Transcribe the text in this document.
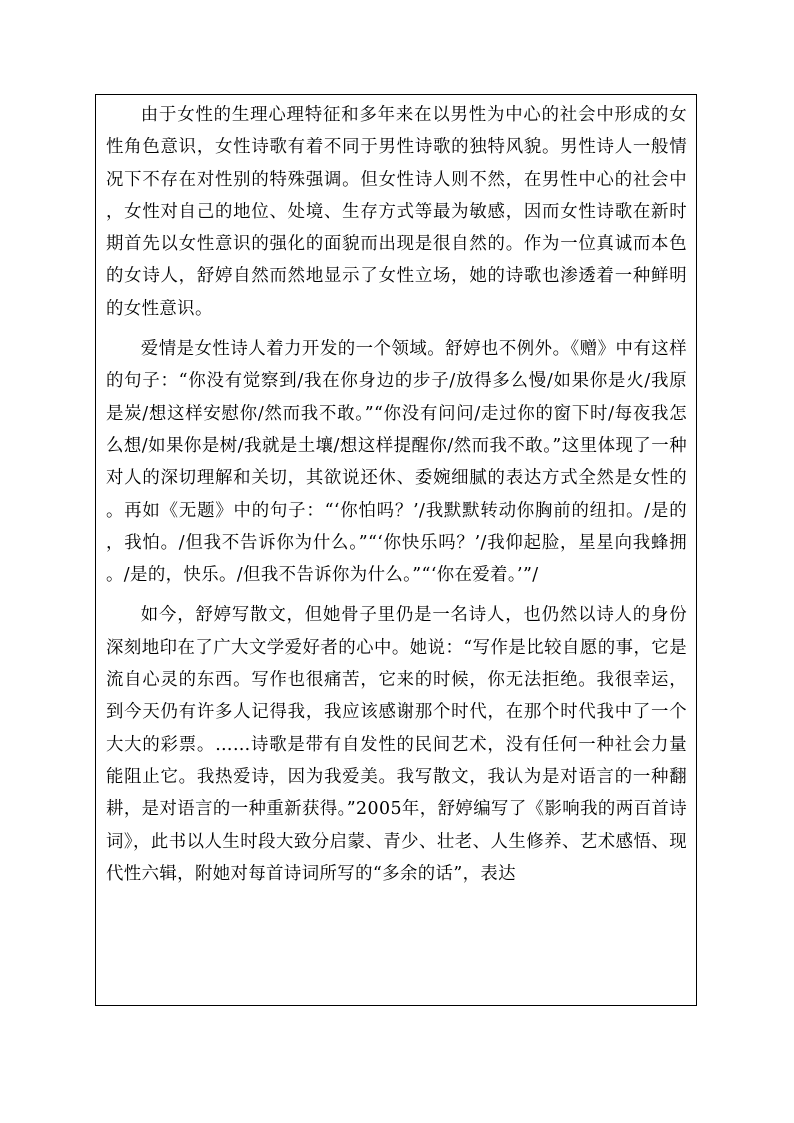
由于女性的生理心理特征和多年来在以男性为中心的社会中形成的女性角色意识，女性诗歌有着不同于男性诗歌的独特风貌。男性诗人一般情况下不存在对性别的特殊强调。但女性诗人则不然，在男性中心的社会中，女性对自己的地位、处境、生存方式等最为敏感，因而女性诗歌在新时期首先以女性意识的强化的面貌而出现是很自然的。作为一位真诚而本色的女诗人，舒婷自然而然地显示了女性立场，她的诗歌也渗透着一种鲜明的女性意识。

爱情是女性诗人着力开发的一个领域。舒婷也不例外。《赠》中有这样的句子：“你没有觉察到/我在你身边的步子/放得多么慢/如果你是火/我原是炭/想这样安慰你/然而我不敢。”“你没有问问/走过你的窗下时/每夜我怎么想/如果你是树/我就是土壤/想这样提醒你/然而我不敢。”这里体现了一种对人的深切理解和关切，其欲说还休、委婉细腻的表达方式全然是女性的。再如《无题》中的句子：“‘你怕吗？’/我默默转动你胸前的纽扣。/是的，我怕。/但我不告诉你为什么。”“‘你快乐吗？’/我仰起脸，星星向我蜂拥。/是的，快乐。/但我不告诉你为什么。”“‘你在爱着。’”/

如今，舒婷写散文，但她骨子里仍是一名诗人，也仍然以诗人的身份深刻地印在了广大文学爱好者的心中。她说：“写作是比较自愿的事，它是流自心灵的东西。写作也很痛苦，它来的时候，你无法拒绝。我很幸运，到今天仍有许多人记得我，我应该感谢那个时代，在那个时代我中了一个大大的彩票。……诗歌是带有自发性的民间艺术，没有任何一种社会力量能阻止它。我热爱诗，因为我爱美。我写散文，我认为是对语言的一种翻耕，是对语言的一种重新获得。”2005年，舒婷编写了《影响我的两百首诗词》，此书以人生时段大致分启蒙、青少、壮老、人生修养、艺术感悟、现代性六辑，附她对每首诗词所写的“多余的话”，表达
